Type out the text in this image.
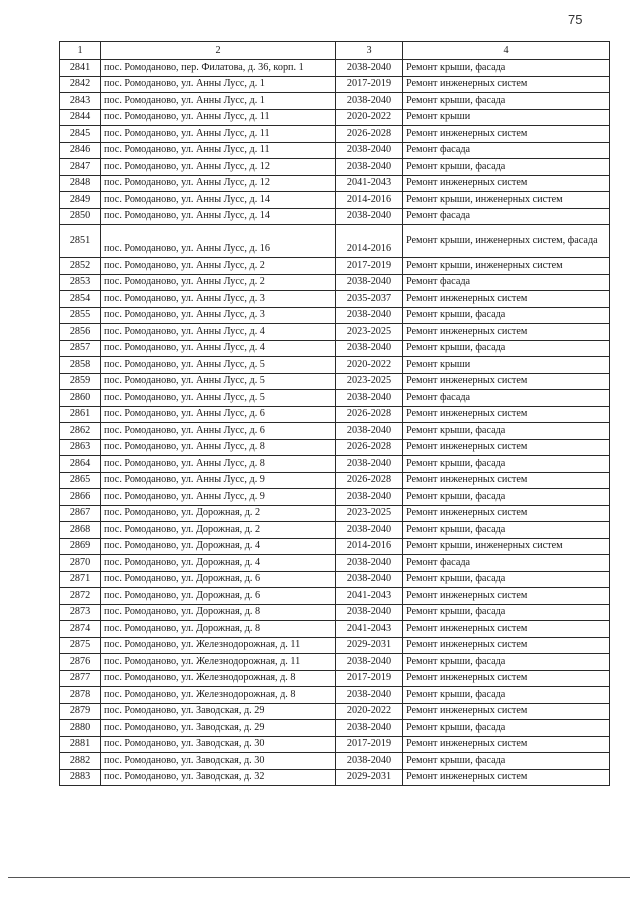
75
1	2	3	4
2841	пос. Ромоданово, пер. Филатова, д. 36, корп. 1	2038-2040	Ремонт крыши, фасада
2842	пос. Ромоданово, ул. Анны Лусс, д. 1	2017-2019	Ремонт инженерных систем
2843	пос. Ромоданово, ул. Анны Лусс, д. 1	2038-2040	Ремонт крыши, фасада
2844	пос. Ромоданово, ул. Анны Лусс, д. 11	2020-2022	Ремонт крыши
2845	пос. Ромоданово, ул. Анны Лусс, д. 11	2026-2028	Ремонт инженерных систем
2846	пос. Ромоданово, ул. Анны Лусс, д. 11	2038-2040	Ремонт фасада
2847	пос. Ромоданово, ул. Анны Лусс, д. 12	2038-2040	Ремонт крыши, фасада
2848	пос. Ромоданово, ул. Анны Лусс, д. 12	2041-2043	Ремонт инженерных систем
2849	пос. Ромоданово, ул. Анны Лусс, д. 14	2014-2016	Ремонт крыши, инженерных систем
2850	пос. Ромоданово, ул. Анны Лусс, д. 14	2038-2040	Ремонт фасада
2851	пос. Ромоданово, ул. Анны Лусс, д. 16	2014-2016	Ремонт крыши, инженерных систем, фасада
2852	пос. Ромоданово, ул. Анны Лусс, д. 2	2017-2019	Ремонт крыши, инженерных систем
2853	пос. Ромоданово, ул. Анны Лусс, д. 2	2038-2040	Ремонт фасада
2854	пос. Ромоданово, ул. Анны Лусс, д. 3	2035-2037	Ремонт инженерных систем
2855	пос. Ромоданово, ул. Анны Лусс, д. 3	2038-2040	Ремонт крыши, фасада
2856	пос. Ромоданово, ул. Анны Лусс, д. 4	2023-2025	Ремонт инженерных систем
2857	пос. Ромоданово, ул. Анны Лусс, д. 4	2038-2040	Ремонт крыши, фасада
2858	пос. Ромоданово, ул. Анны Лусс, д. 5	2020-2022	Ремонт крыши
2859	пос. Ромоданово, ул. Анны Лусс, д. 5	2023-2025	Ремонт инженерных систем
2860	пос. Ромоданово, ул. Анны Лусс, д. 5	2038-2040	Ремонт фасада
2861	пос. Ромоданово, ул. Анны Лусс, д. 6	2026-2028	Ремонт инженерных систем
2862	пос. Ромоданово, ул. Анны Лусс, д. 6	2038-2040	Ремонт крыши, фасада
2863	пос. Ромоданово, ул. Анны Лусс, д. 8	2026-2028	Ремонт инженерных систем
2864	пос. Ромоданово, ул. Анны Лусс, д. 8	2038-2040	Ремонт крыши, фасада
2865	пос. Ромоданово, ул. Анны Лусс, д. 9	2026-2028	Ремонт инженерных систем
2866	пос. Ромоданово, ул. Анны Лусс, д. 9	2038-2040	Ремонт крыши, фасада
2867	пос. Ромоданово, ул. Дорожная, д. 2	2023-2025	Ремонт инженерных систем
2868	пос. Ромоданово, ул. Дорожная, д. 2	2038-2040	Ремонт крыши, фасада
2869	пос. Ромоданово, ул. Дорожная, д. 4	2014-2016	Ремонт крыши, инженерных систем
2870	пос. Ромоданово, ул. Дорожная, д. 4	2038-2040	Ремонт фасада
2871	пос. Ромоданово, ул. Дорожная, д. 6	2038-2040	Ремонт крыши, фасада
2872	пос. Ромоданово, ул. Дорожная, д. 6	2041-2043	Ремонт инженерных систем
2873	пос. Ромоданово, ул. Дорожная, д. 8	2038-2040	Ремонт крыши, фасада
2874	пос. Ромоданово, ул. Дорожная, д. 8	2041-2043	Ремонт инженерных систем
2875	пос. Ромоданово, ул. Железнодорожная, д. 11	2029-2031	Ремонт инженерных систем
2876	пос. Ромоданово, ул. Железнодорожная, д. 11	2038-2040	Ремонт крыши, фасада
2877	пос. Ромоданово, ул. Железнодорожная, д. 8	2017-2019	Ремонт инженерных систем
2878	пос. Ромоданово, ул. Железнодорожная, д. 8	2038-2040	Ремонт крыши, фасада
2879	пос. Ромоданово, ул. Заводская, д. 29	2020-2022	Ремонт инженерных систем
2880	пос. Ромоданово, ул. Заводская, д. 29	2038-2040	Ремонт крыши, фасада
2881	пос. Ромоданово, ул. Заводская, д. 30	2017-2019	Ремонт инженерных систем
2882	пос. Ромоданово, ул. Заводская, д. 30	2038-2040	Ремонт крыши, фасада
2883	пос. Ромоданово, ул. Заводская, д. 32	2029-2031	Ремонт инженерных систем
